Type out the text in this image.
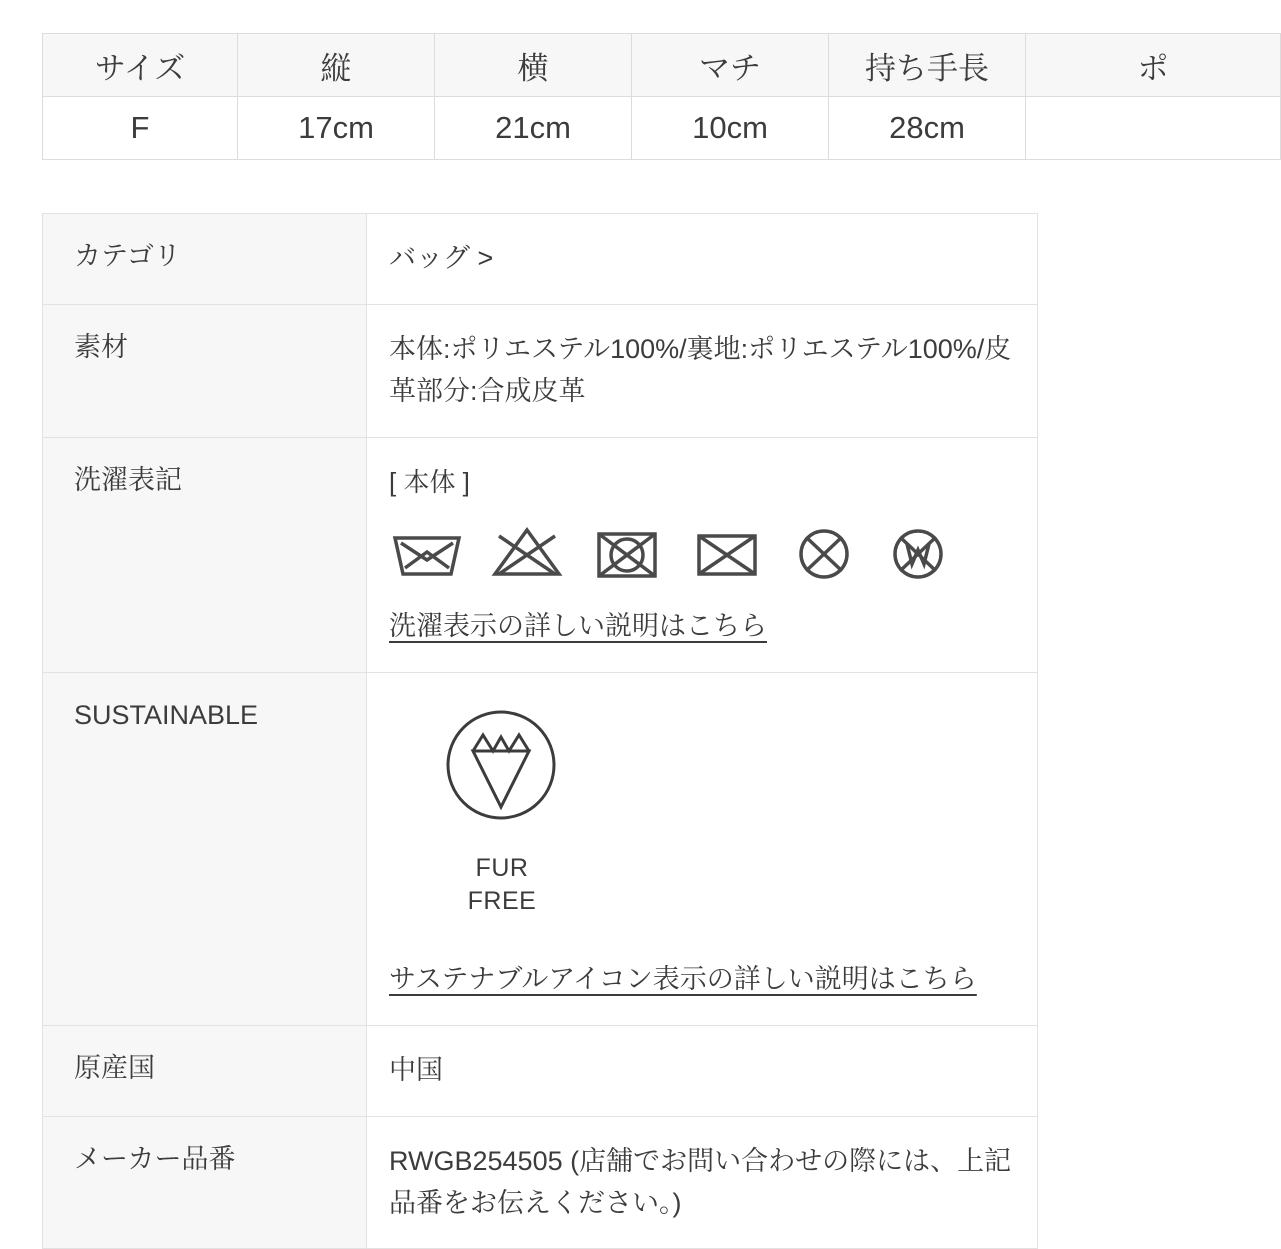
サイズ	縦	横	マチ	持ち手長	ポ
F	17cm	21cm	10cm	28cm	
カテゴリ	バッグ >
素材	本体:ポリエステル100%/裏地:ポリエステル100%/皮革部分:合成皮革
洗濯表記	[ 本体 ]
洗濯表示の詳しい説明はこちら
SUSTAINABLE	FUR
FREE
サステナブルアイコン表示の詳しい説明はこちら

原産国	中国
メーカー品番	RWGB254505 (店舗でお問い合わせの際には、上記品番をお伝えください。)
